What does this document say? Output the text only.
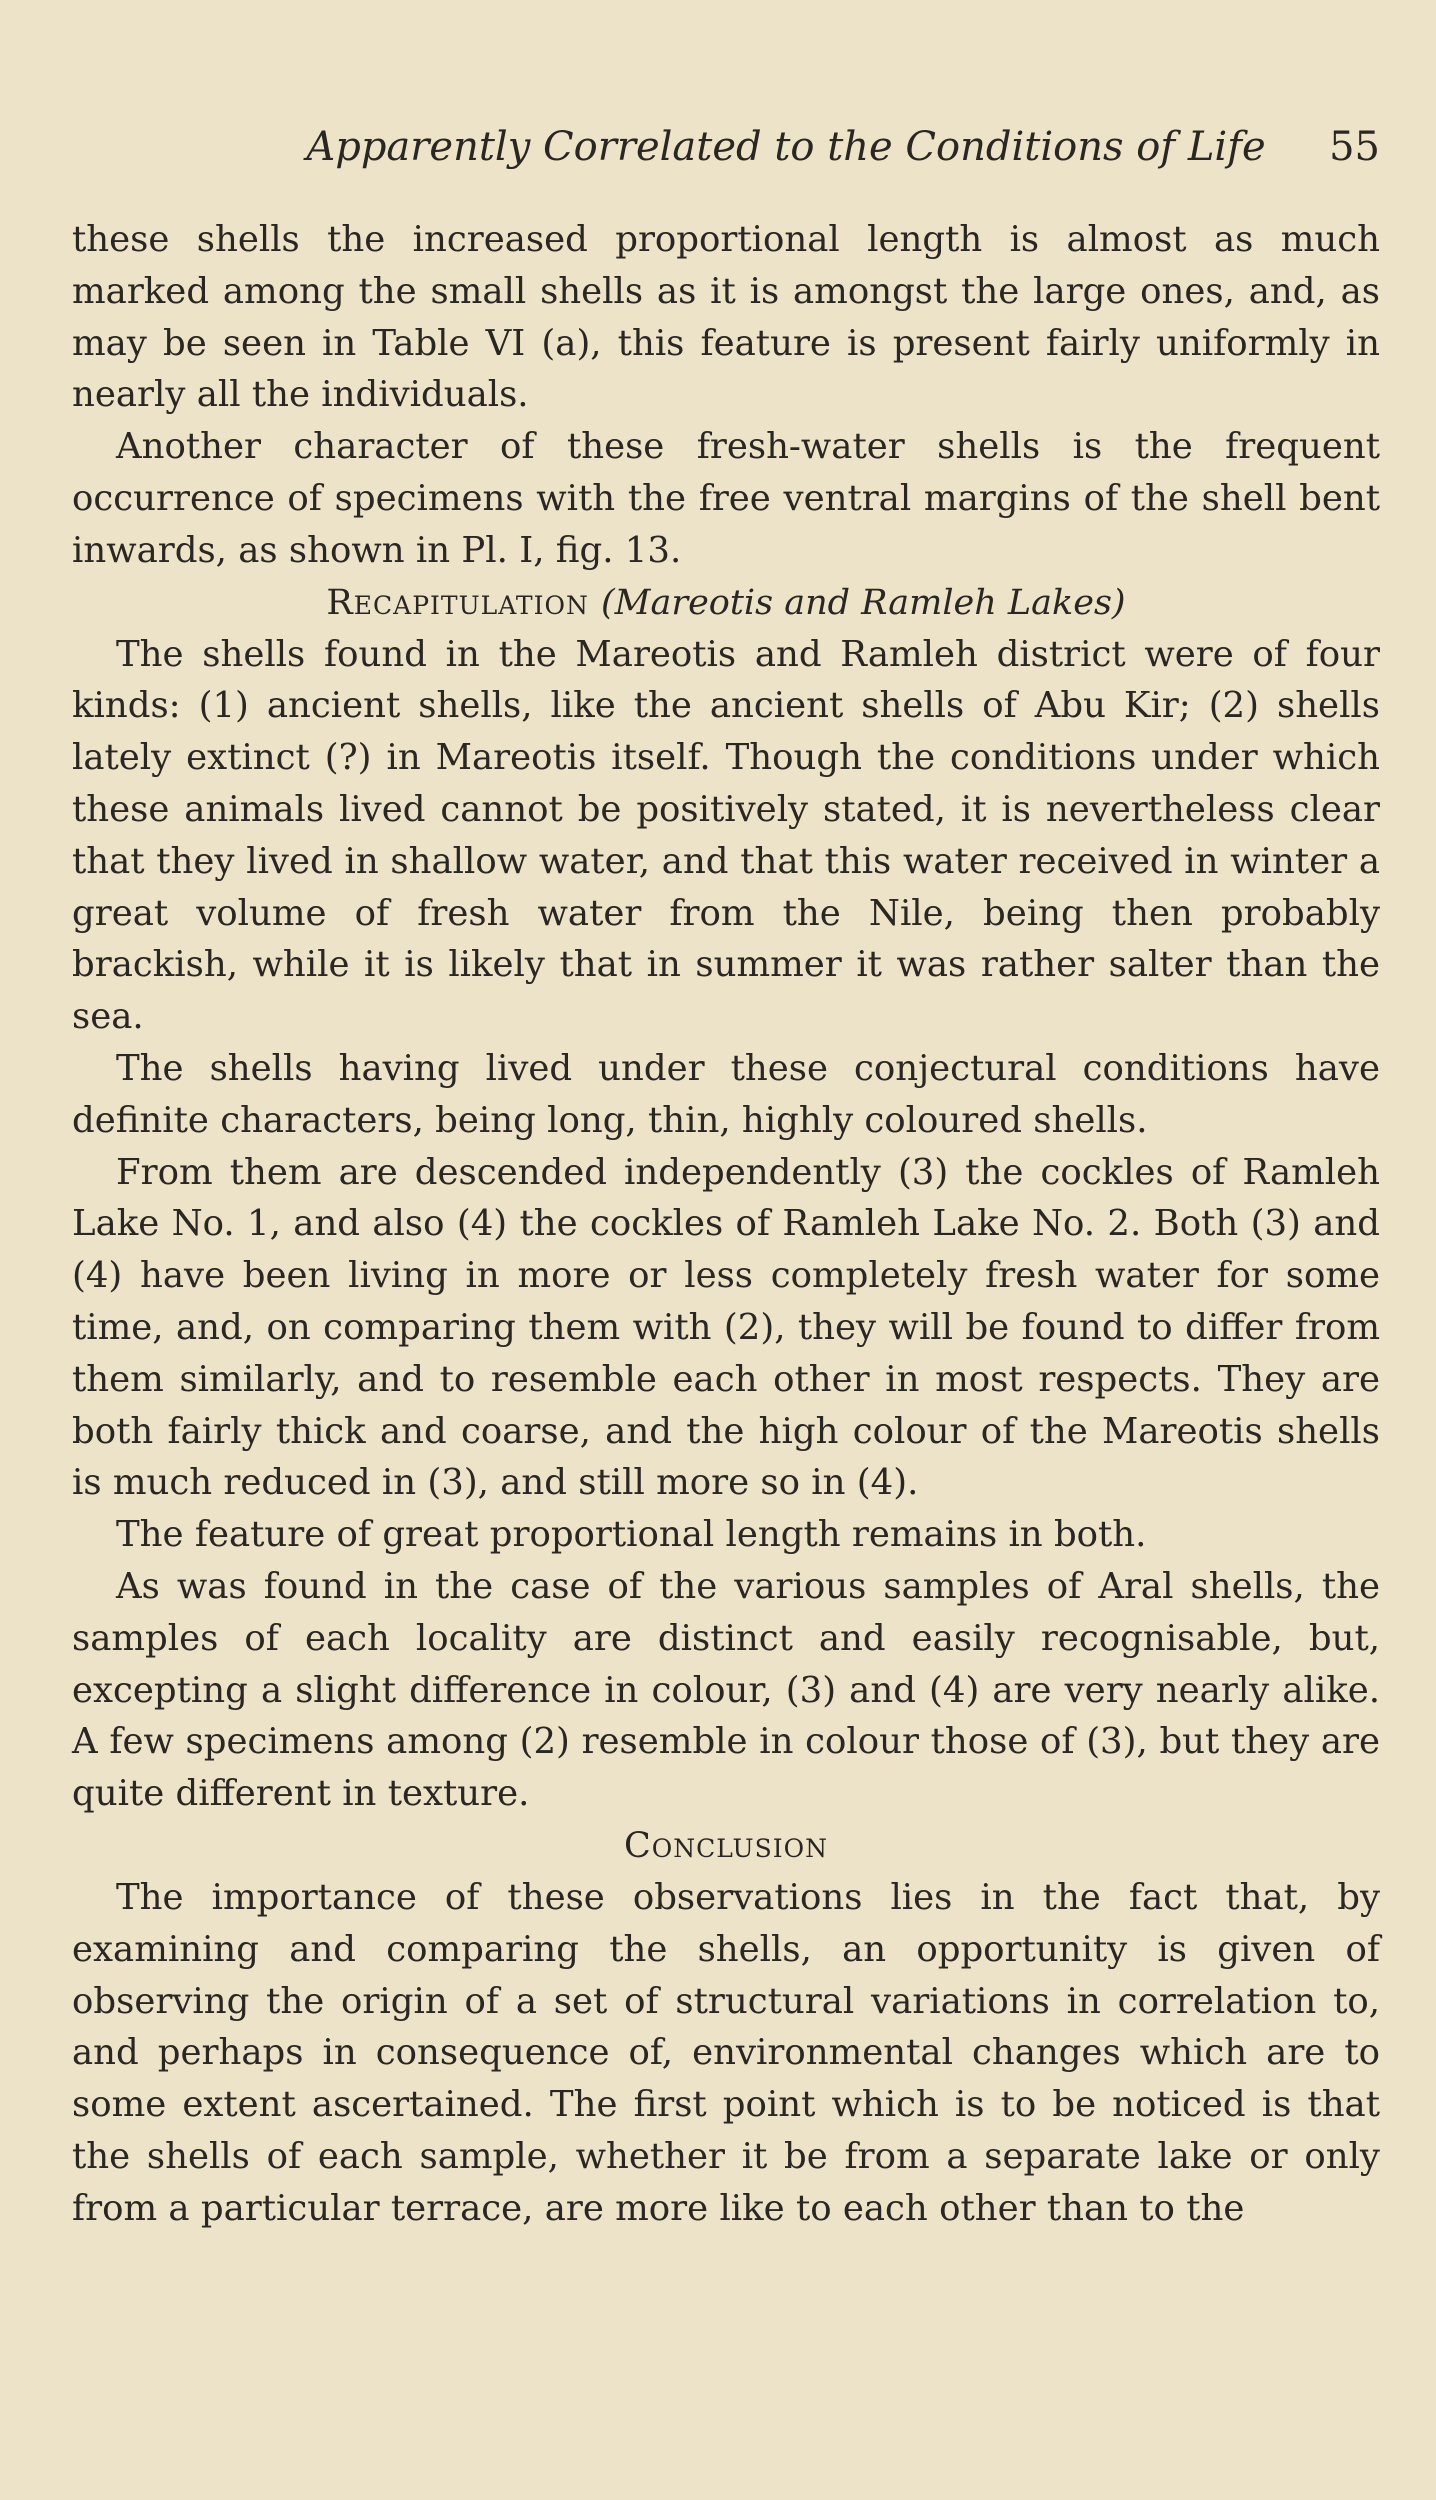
Apparently Correlated to the Conditions of Life	55

these shells the increased proportional length is almost as much marked among the small shells as it is amongst the large ones, and, as may be seen in Table VI (a), this feature is present fairly uniformly in nearly all the individuals.

Another character of these fresh-water shells is the frequent occurrence of specimens with the free ventral margins of the shell bent inwards, as shown in Pl. I, fig. 13.

Recapitulation (Mareotis and Ramleh Lakes)

The shells found in the Mareotis and Ramleh district were of four kinds: (1) ancient shells, like the ancient shells of Abu Kir; (2) shells lately extinct (?) in Mareotis itself. Though the conditions under which these animals lived cannot be positively stated, it is nevertheless clear that they lived in shallow water, and that this water received in winter a great volume of fresh water from the Nile, being then probably brackish, while it is likely that in summer it was rather salter than the sea.

The shells having lived under these conjectural conditions have definite characters, being long, thin, highly coloured shells.

From them are descended independently (3) the cockles of Ramleh Lake No. 1, and also (4) the cockles of Ramleh Lake No. 2. Both (3) and (4) have been living in more or less completely fresh water for some time, and, on comparing them with (2), they will be found to differ from them similarly, and to resemble each other in most respects. They are both fairly thick and coarse, and the high colour of the Mareotis shells is much reduced in (3), and still more so in (4).

The feature of great proportional length remains in both.

As was found in the case of the various samples of Aral shells, the samples of each locality are distinct and easily recognisable, but, excepting a slight difference in colour, (3) and (4) are very nearly alike. A few specimens among (2) resemble in colour those of (3), but they are quite different in texture.

Conclusion

The importance of these observations lies in the fact that, by examining and comparing the shells, an opportunity is given of observing the origin of a set of structural variations in correlation to, and perhaps in consequence of, environmental changes which are to some extent ascertained. The first point which is to be noticed is that the shells of each sample, whether it be from a separate lake or only from a particular terrace, are more like to each other than to the
